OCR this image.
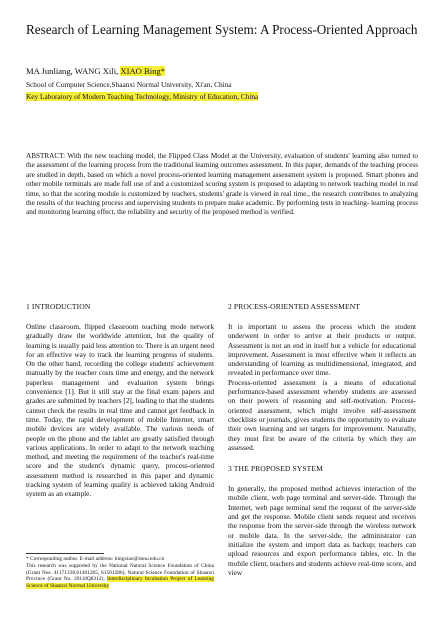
Research of Learning Management System: A Process-Oriented Approach
MA Junliang, WANG Xili, XIAO Bing*
School of Computer Science,Shaanxi Normal University, Xi'an, China
Key Laboratory of Modern Teaching Technology, Ministry of Education, China

ABSTRACT: With the new teaching model, the Flipped Class Model at the University, evaluation of students' learning also turned to the assessment of the learning process from the traditional learning outcomes assessment. In this paper, demands of the teaching process are studied in depth, based on which a novel process-oriented learning management assessment system is proposed. Smart phones and other mobile terminals are made full use of and a customized scoring system is proposed to adapting to network teaching model in real time, so that the scoring module is customized by teachers, students' grade is viewed in real time., the research contributes to analyzing the results of the teaching process and supervising students to prepare make academic. By performing tests in teaching- learning process and monitoring learning effect, the reliability and security of the proposed method is verified.

1 INTRODUCTION

Online classroom, flipped classroom teaching mode network gradually draw the worldwide attention, but the quality of learning is usually paid less attention to. There is an urgent need for an effective way to track the learning progress of students. On the other hand, recording the college students' achievement manually by the teacher costs time and energy, and the network paperless management and evaluation system brings convenience [1]. But it still stay at the final exam papers and grades are submitted by teachers [2], leading to that the students cannot check the results in real time and cannot get feedback in time. Today, the rapid development of mobile Internet, smart mobile devices are widely available. The various needs of people on the phone and the tablet are greatly satisfied through various applications. In order to adapt to the network teaching method, and meeting the requirement of the teacher's real-time score and the student's dynamic query, process-oriented assessment method is researched in this paper and dynamic tracking system of learning quality is achieved taking Android system as an example.

2 PROCESS-ORIENTED ASSESSMENT

It is important to assess the process which the student underwent in order to arrive at their products or output. Assessment is not an end in itself but a vehicle for educational improvement. Assessment is most effective when it reflects an understanding of learning as multidimensional, integrated, and revealed in performance over time.

Process-oriented assessment is a means of educational performance-based assessment whereby students are assessed on their powers of reasoning and self-motivation. Process-oriented assessment, which might involve self-assessment checklists or journals, gives students the opportunity to evaluate their own learning and set targets for improvement. Naturally, they must first be aware of the criteria by which they are assessed.

3 THE PROPOSED SYSTEM

In generally, the proposed method achieves interaction of the mobile client, web page terminal and server-side. Through the Internet, web page terminal send the request of the server-side and get the response. Mobile client sends request and receives the response from the server-side through the wireless network or mobile data. In the server-side, the administrator can initialize the system and import data as backup; teachers can upload resources and export performance tables, etc. In the mobile client, teachers and students achieve real-time score, and view

* Corresponding author. E-mail address: bingxiao@snnu.edu.cn

This research was supported by the National Natural Science Foundation of China (Grant Nos. 41171338,61401265, 61501286), Natural Science Foundation of Shaanxi Province (Grant No. 2014JQ8312), Interdisciplinary Incubation Project of Learning Science of Shaanxi Normal University
